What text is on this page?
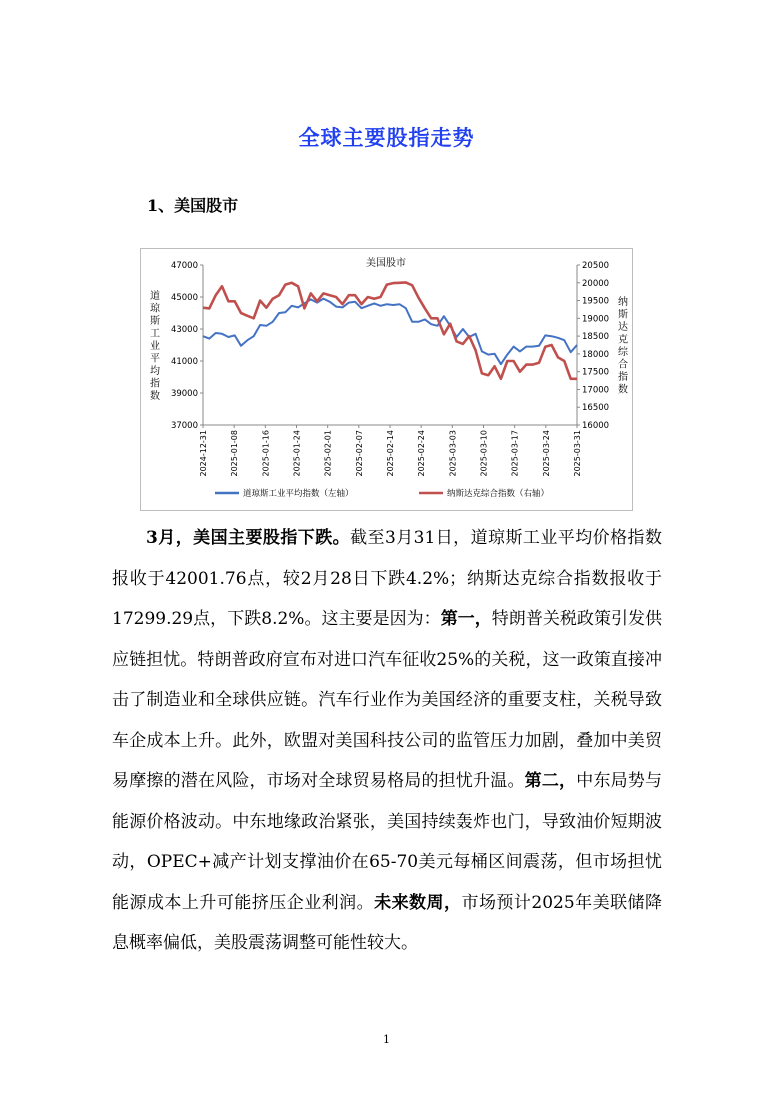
全球主要股指走势
1、美国股市
美国股市
37000
39000
41000
43000
45000
47000
16000
16500
17000
17500
18000
18500
19000
19500
20000
20500
2024-12-31	2025-01-08	2025-01-16	2025-01-24	2025-02-01	2025-02-07	2025-02-14	2025-02-24	2025-03-03	2025-03-10	2025-03-17	2025-03-24	2025-03-31
道琼斯工业平均指数
纳斯达克综合指数
道琼斯工业平均指数（左轴）	纳斯达克综合指数（右轴）

3月，美国主要股指下跌。截至3月31日，道琼斯工业平均价格指数报收于42001.76点，较2月28日下跌4.2%；纳斯达克综合指数报收于17299.29点，下跌8.2%。这主要是因为：第一，特朗普关税政策引发供应链担忧。特朗普政府宣布对进口汽车征收25%的关税，这一政策直接冲击了制造业和全球供应链。汽车行业作为美国经济的重要支柱，关税导致车企成本上升。此外，欧盟对美国科技公司的监管压力加剧，叠加中美贸易摩擦的潜在风险，市场对全球贸易格局的担忧升温。第二，中东局势与能源价格波动。中东地缘政治紧张，美国持续轰炸也门，导致油价短期波动，OPEC+减产计划支撑油价在65-70美元每桶区间震荡，但市场担忧能源成本上升可能挤压企业利润。未来数周，市场预计2025年美联储降息概率偏低，美股震荡调整可能性较大。

1
